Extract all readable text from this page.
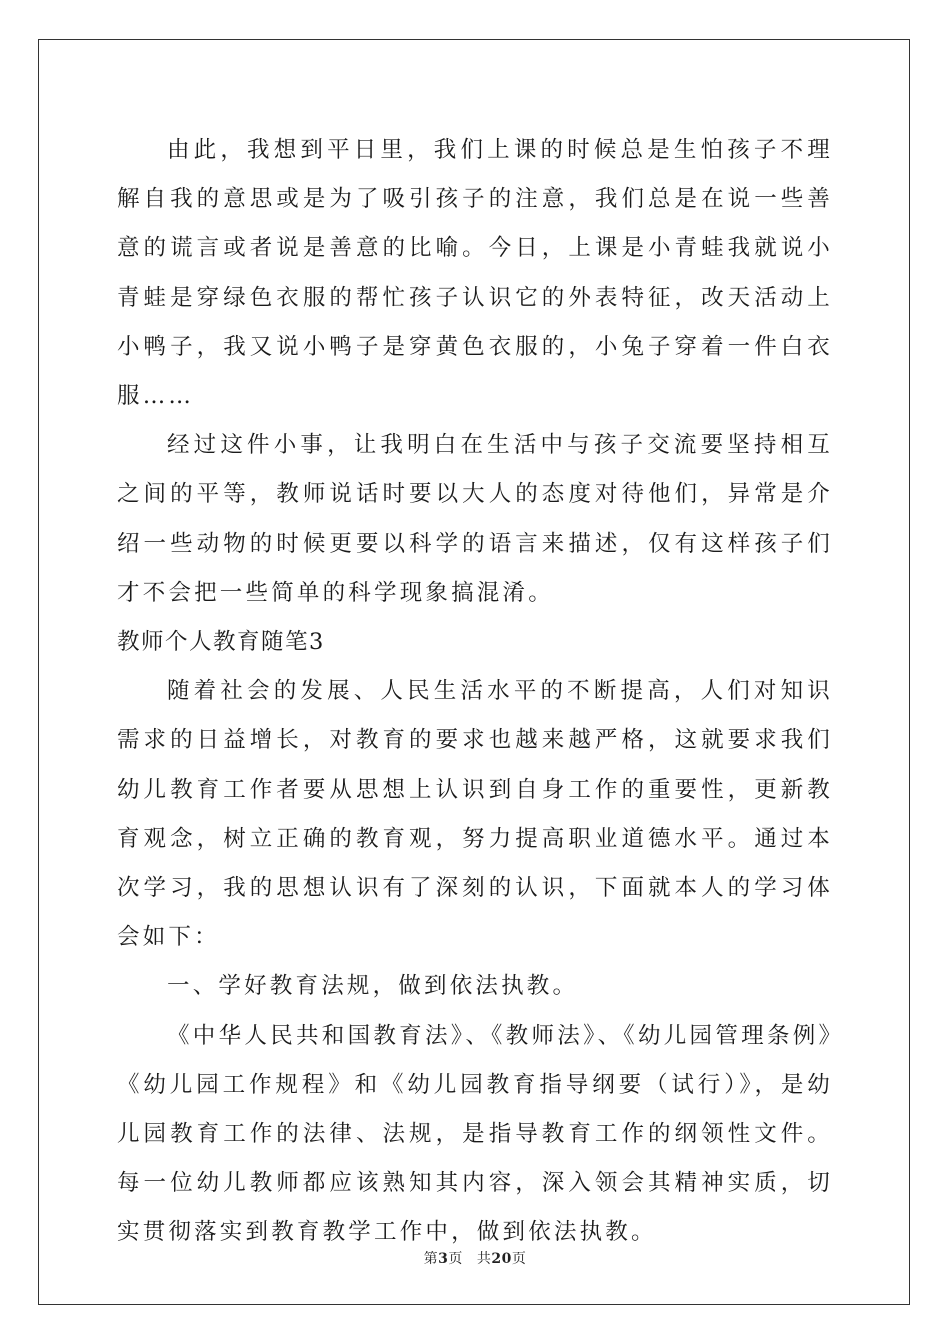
由此，我想到平日里，我们上课的时候总是生怕孩子不理解自我的意思或是为了吸引孩子的注意，我们总是在说一些善意的谎言或者说是善意的比喻。今日，上课是小青蛙我就说小青蛙是穿绿色衣服的帮忙孩子认识它的外表特征，改天活动上小鸭子，我又说小鸭子是穿黄色衣服的，小兔子穿着一件白衣服……

经过这件小事，让我明白在生活中与孩子交流要坚持相互之间的平等，教师说话时要以大人的态度对待他们，异常是介绍一些动物的时候更要以科学的语言来描述，仅有这样孩子们才不会把一些简单的科学现象搞混淆。

教师个人教育随笔3

随着社会的发展、人民生活水平的不断提高，人们对知识需求的日益增长，对教育的要求也越来越严格，这就要求我们幼儿教育工作者要从思想上认识到自身工作的重要性，更新教育观念，树立正确的教育观，努力提高职业道德水平。通过本次学习，我的思想认识有了深刻的认识，下面就本人的学习体会如下：

一、学好教育法规，做到依法执教。

《中华人民共和国教育法》、《教师法》、《幼儿园管理条例》《幼儿园工作规程》和《幼儿园教育指导纲要（试行）》，是幼儿园教育工作的法律、法规，是指导教育工作的纲领性文件。每一位幼儿教师都应该熟知其内容，深入领会其精神实质，切实贯彻落实到教育教学工作中，做到依法执教。

第3页 共20页
